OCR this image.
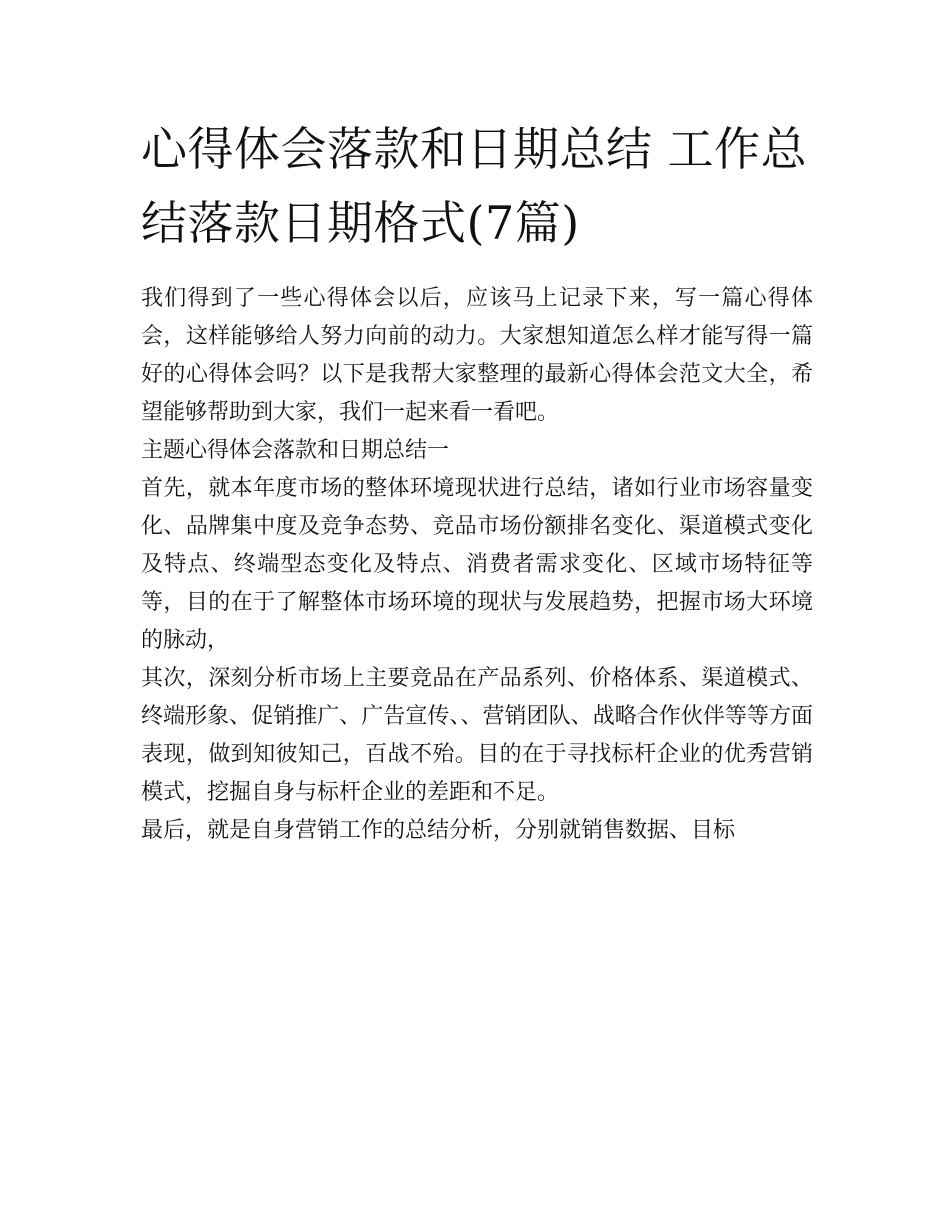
心得体会落款和日期总结 工作总结落款日期格式(7篇)

我们得到了一些心得体会以后，应该马上记录下来，写一篇心得体会，这样能够给人努力向前的动力。大家想知道怎么样才能写得一篇好的心得体会吗？以下是我帮大家整理的最新心得体会范文大全，希望能够帮助到大家，我们一起来看一看吧。

主题心得体会落款和日期总结一

首先，就本年度市场的整体环境现状进行总结，诸如行业市场容量变化、品牌集中度及竞争态势、竞品市场份额排名变化、渠道模式变化及特点、终端型态变化及特点、消费者需求变化、区域市场特征等等，目的在于了解整体市场环境的现状与发展趋势，把握市场大环境的脉动，

其次，深刻分析市场上主要竞品在产品系列、价格体系、渠道模式、终端形象、促销推广、广告宣传、、营销团队、战略合作伙伴等等方面表现，做到知彼知己，百战不殆。目的在于寻找标杆企业的优秀营销模式，挖掘自身与标杆企业的差距和不足。

最后，就是自身营销工作的总结分析，分别就销售数据、目标
